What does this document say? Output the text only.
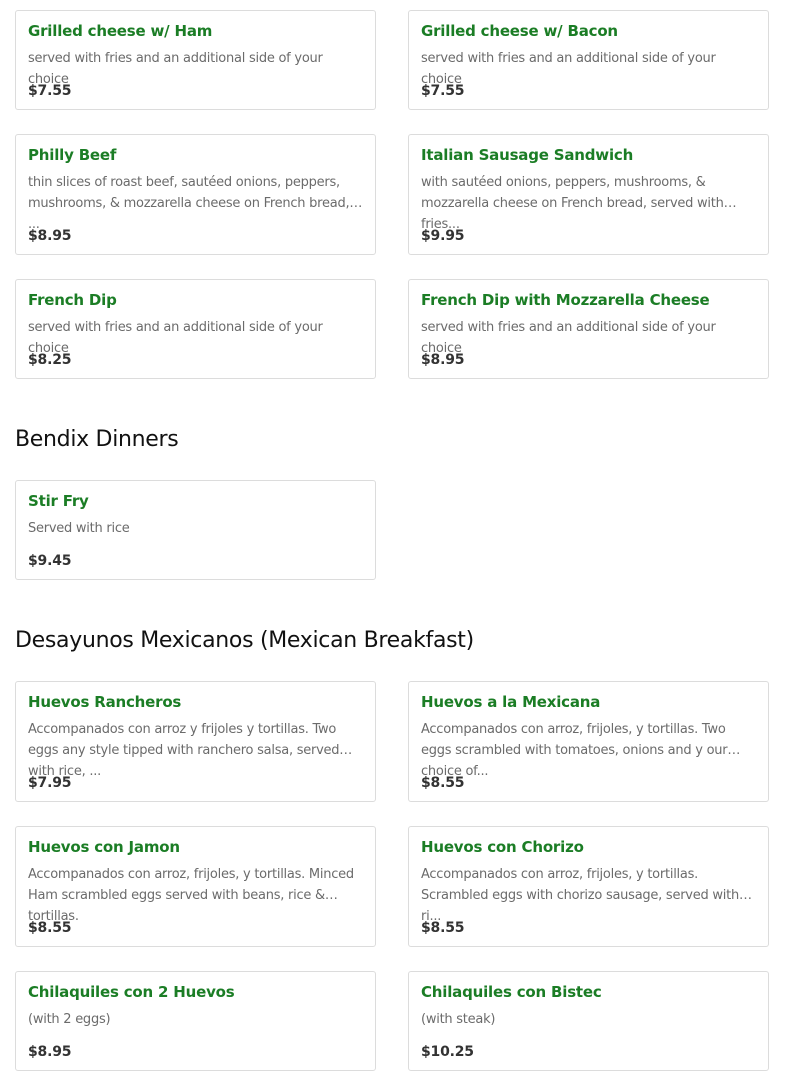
Grilled cheese w/ Ham
served with fries and an additional side of your choice
$7.55
Grilled cheese w/ Bacon
served with fries and an additional side of your choice
$7.55
Philly Beef
thin slices of roast beef, sautéed onions, peppers, mushrooms, & mozzarella cheese on French bread, ...
$8.95
Italian Sausage Sandwich
with sautéed onions, peppers, mushrooms, & mozzarella cheese on French bread, served with fries...
$9.95
French Dip
served with fries and an additional side of your choice
$8.25
French Dip with Mozzarella Cheese
served with fries and an additional side of your choice
$8.95
Bendix Dinners
Stir Fry
Served with rice
$9.45
Desayunos Mexicanos (Mexican Breakfast)
Huevos Rancheros
Accompanados con arroz y frijoles y tortillas. Two eggs any style tipped with ranchero salsa, served with rice, ...
$7.95
Huevos a la Mexicana
Accompanados con arroz, frijoles, y tortillas. Two eggs scrambled with tomatoes, onions and y our choice of...
$8.55
Huevos con Jamon
Accompanados con arroz, frijoles, y tortillas. Minced Ham scrambled eggs served with beans, rice & tortillas.
$8.55
Huevos con Chorizo
Accompanados con arroz, frijoles, y tortillas. Scrambled eggs with chorizo sausage, served with ri...
$8.55
Chilaquiles con 2 Huevos
(with 2 eggs)
$8.95
Chilaquiles con Bistec
(with steak)
$10.25
